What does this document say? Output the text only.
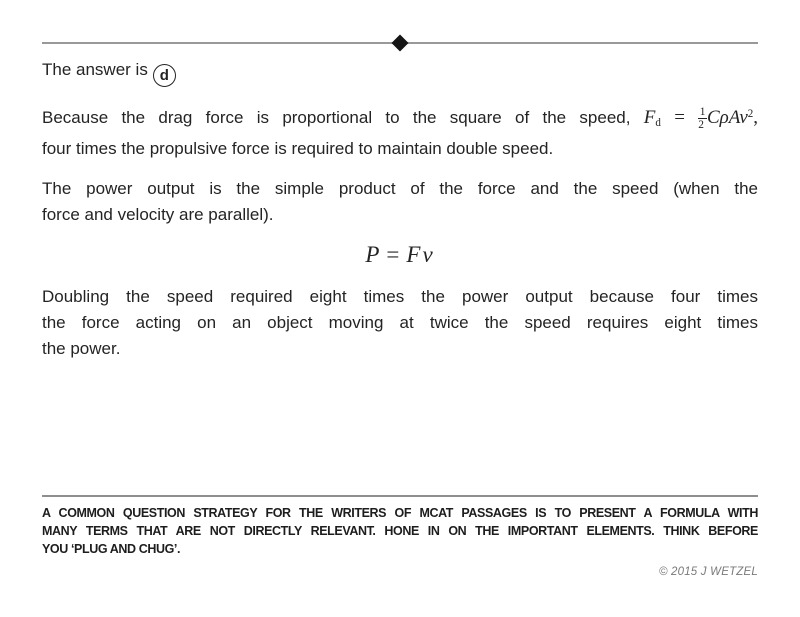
The answer is d
Because the drag force is proportional to the square of the speed, $Fd = \frac{1}{2} C\rho Av^2$,
four times the propulsive force is required to maintain double speed.
The power output is the simple product of the force and the speed (when the
force and velocity are parallel).
P = Fv
Doubling the speed required eight times the power output because four times
the force acting on an object moving at twice the speed requires eight times
the power.
A COMMON QUESTION STRATEGY FOR THE WRITERS OF MCAT PASSAGES IS TO PRESENT A FORMULA WITH
MANY TERMS THAT ARE NOT DIRECTLY RELEVANT. HONE IN ON THE IMPORTANT ELEMENTS. THINK BEFORE
YOU ‘PLUG AND CHUG’.
© 2015 J WETZEL
